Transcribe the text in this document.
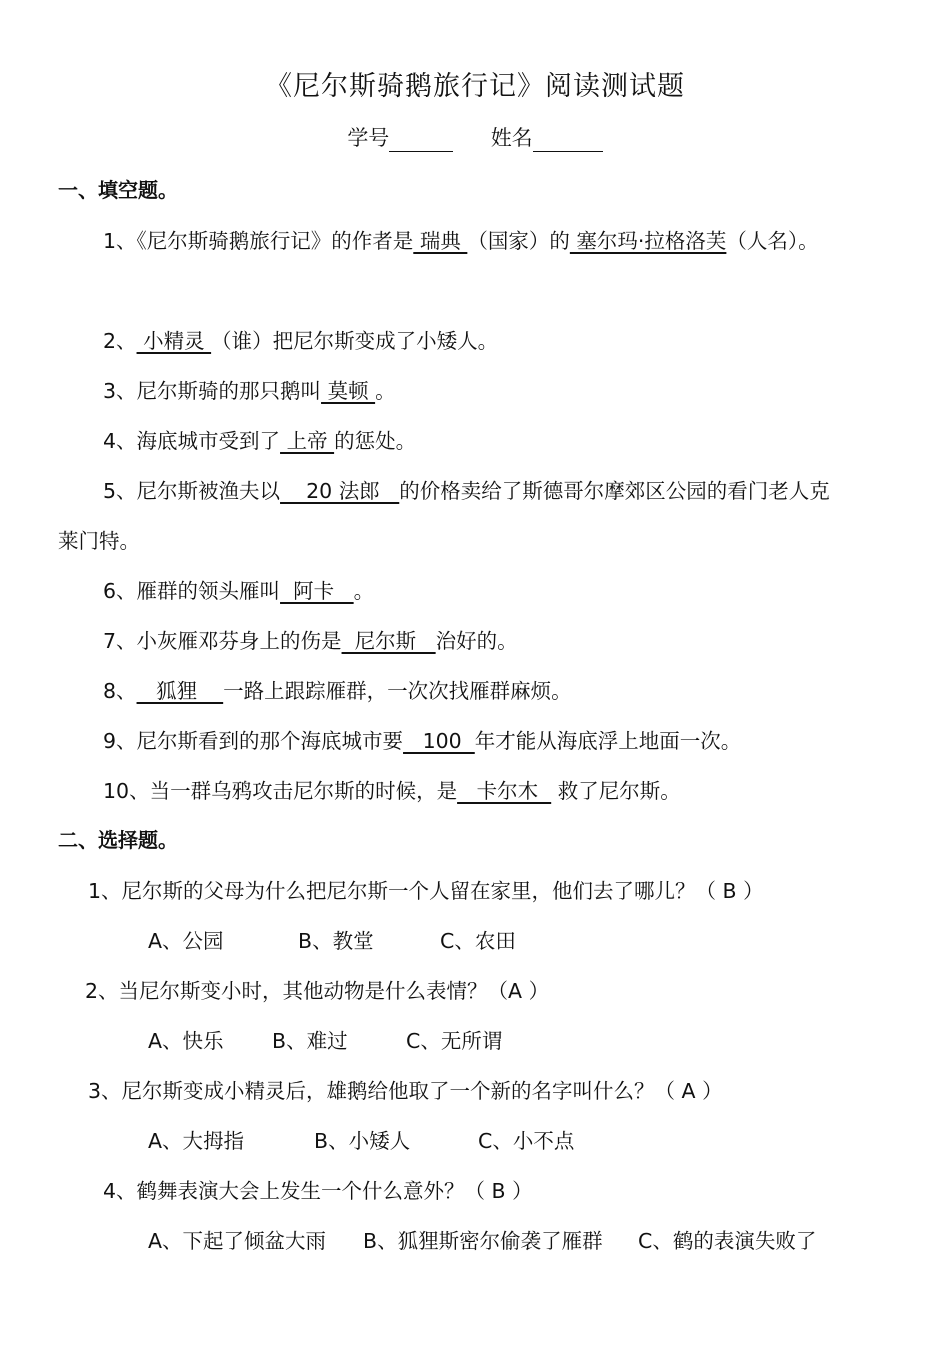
《尼尔斯骑鹅旅行记》阅读测试题
学号	姓名
一、填空题。
1、《尼尔斯骑鹅旅行记》的作者是 瑞典 （国家）的 塞尔玛·拉格洛芙（人名）。
2、 小精灵 （谁）把尼尔斯变成了小矮人。
3、尼尔斯骑的那只鹅叫 莫顿 。
4、海底城市受到了 上帝 的惩处。
5、尼尔斯被渔夫以    20 法郎   的价格卖给了斯德哥尔摩郊区公园的看门老人克
莱门特。
6、雁群的领头雁叫  阿卡   。
7、小灰雁邓芬身上的伤是  尼尔斯   治好的。
8、   狐狸    一路上跟踪雁群，一次次找雁群麻烦。
9、尼尔斯看到的那个海底城市要   100  年才能从海底浮上地面一次。
10、当一群乌鸦攻击尼尔斯的时候，是   卡尔木   救了尼尔斯。
二、选择题。
1、尼尔斯的父母为什么把尼尔斯一个人留在家里，他们去了哪儿？（ B ）
A、公园	B、教堂	C、农田
2、当尼尔斯变小时，其他动物是什么表情？（A ）
A、快乐 B、难过	C、无所谓
3、尼尔斯变成小精灵后，雄鹅给他取了一个新的名字叫什么？（ A ）
A、大拇指	B、小矮人	C、小不点
4、鹤舞表演大会上发生一个什么意外？（ B ）
A、下起了倾盆大雨 B、狐狸斯密尔偷袭了雁群 C、鹤的表演失败了
